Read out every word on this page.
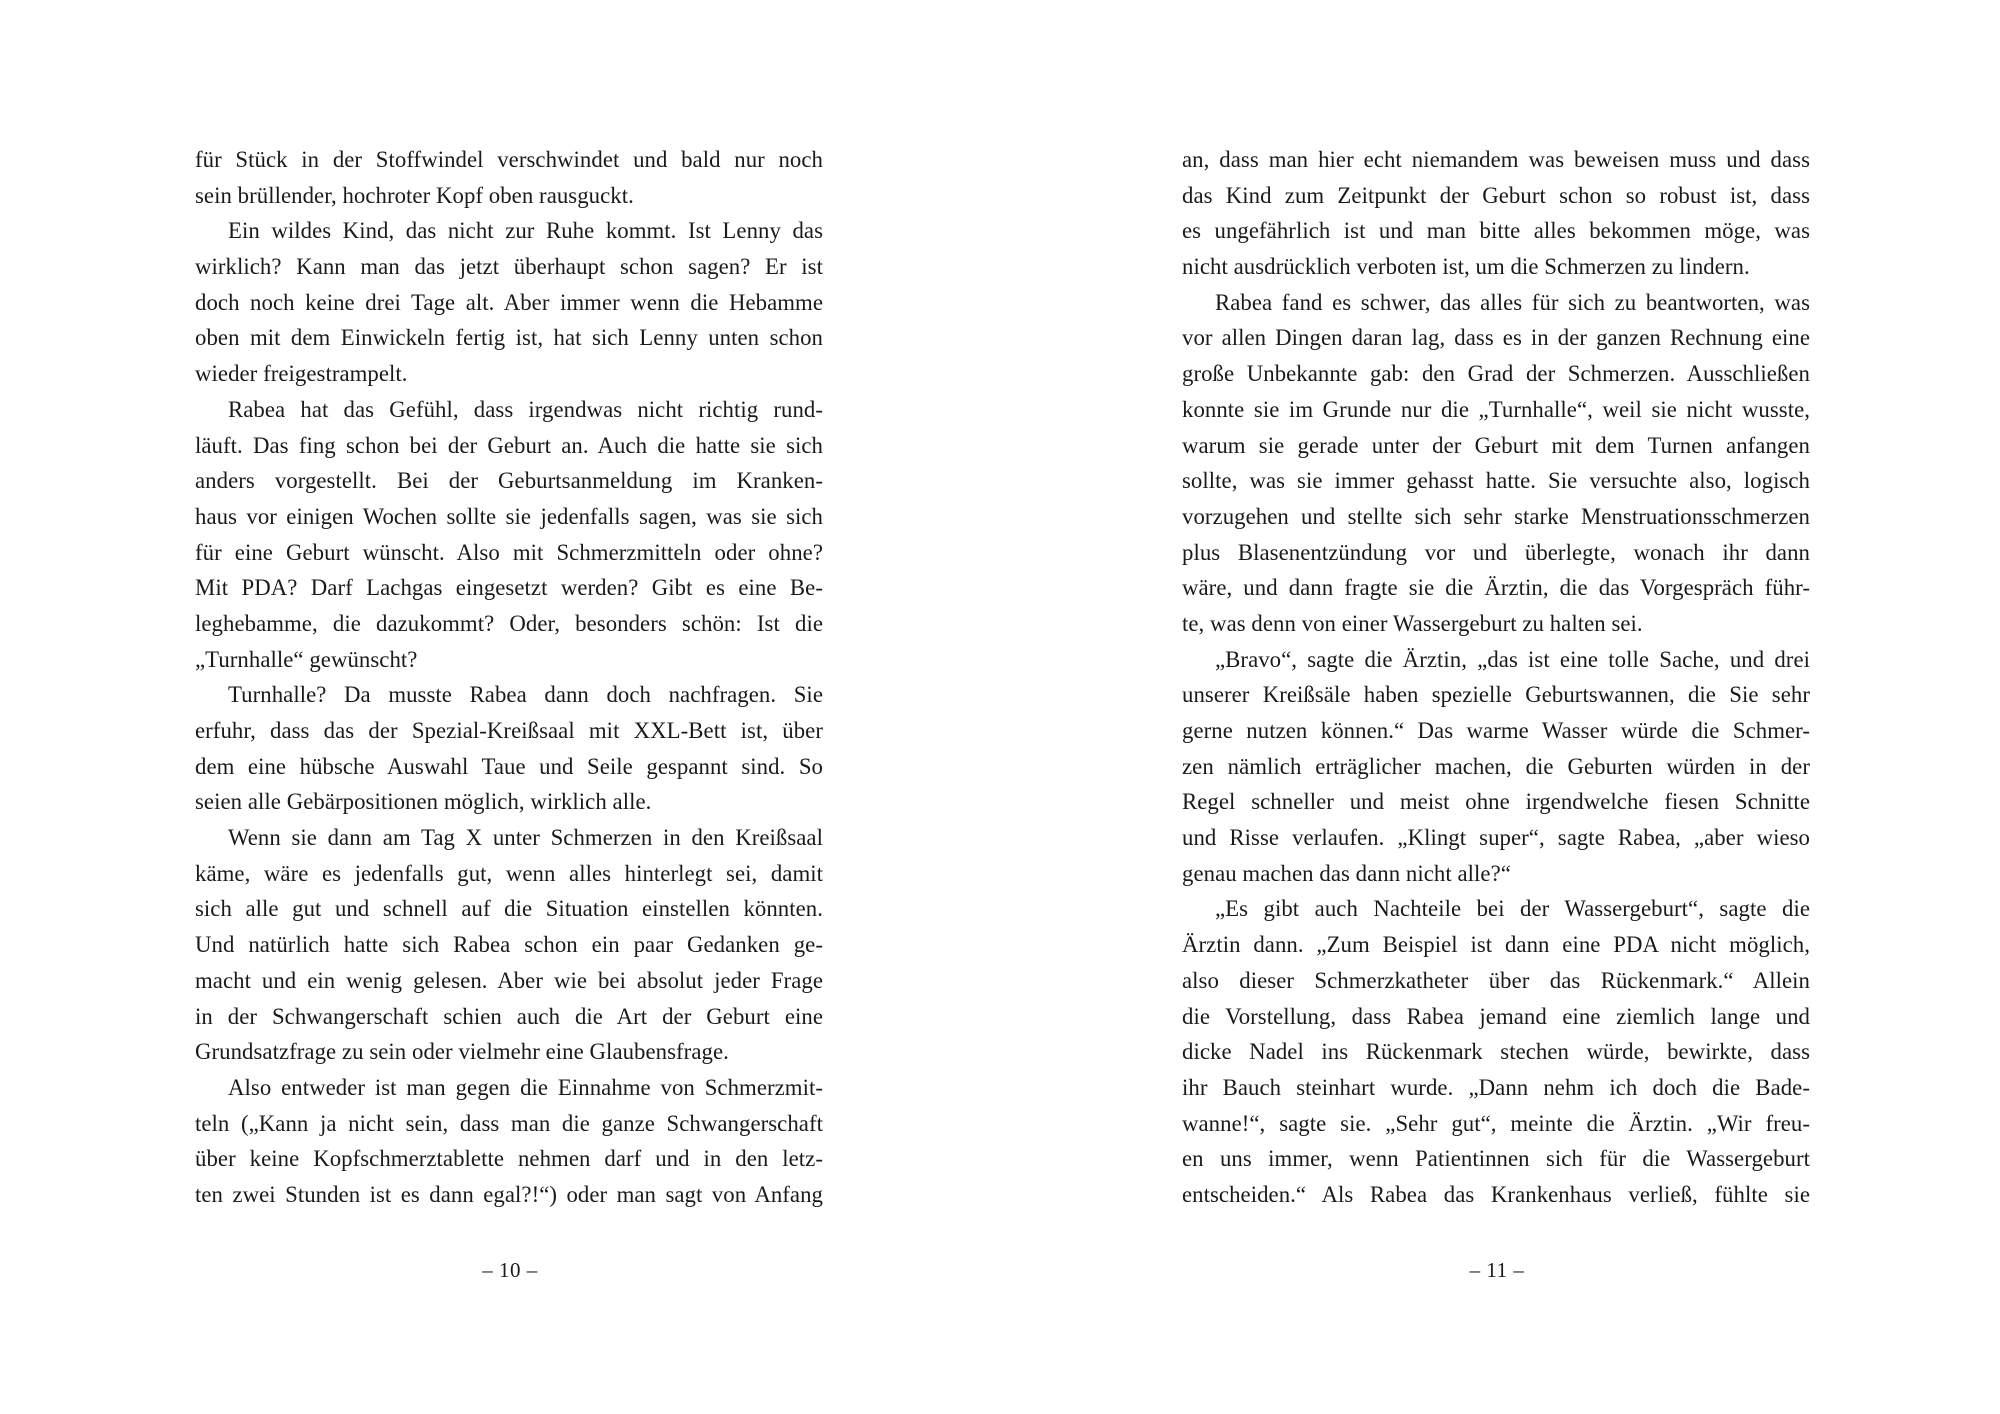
für Stück in der Stoffwindel verschwindet und bald nur noch
sein brüllender, hochroter Kopf oben rausguckt.
Ein wildes Kind, das nicht zur Ruhe kommt. Ist Lenny das
wirklich? Kann man das jetzt überhaupt schon sagen? Er ist
doch noch keine drei Tage alt. Aber immer wenn die Hebamme
oben mit dem Einwickeln fertig ist, hat sich Lenny unten schon
wieder freigestrampelt.
Rabea hat das Gefühl, dass irgendwas nicht richtig rund-
läuft. Das fing schon bei der Geburt an. Auch die hatte sie sich
anders vorgestellt. Bei der Geburtsanmeldung im Kranken-
haus vor einigen Wochen sollte sie jedenfalls sagen, was sie sich
für eine Geburt wünscht. Also mit Schmerzmitteln oder ohne?
Mit PDA? Darf Lachgas eingesetzt werden? Gibt es eine Be-
leghebamme, die dazukommt? Oder, besonders schön: Ist die
„Turnhalle“ gewünscht?
Turnhalle? Da musste Rabea dann doch nachfragen. Sie
erfuhr, dass das der Spezial-Kreißsaal mit XXL-Bett ist, über
dem eine hübsche Auswahl Taue und Seile gespannt sind. So
seien alle Gebärpositionen möglich, wirklich alle.
Wenn sie dann am Tag X unter Schmerzen in den Kreißsaal
käme, wäre es jedenfalls gut, wenn alles hinterlegt sei, damit
sich alle gut und schnell auf die Situation einstellen könnten.
Und natürlich hatte sich Rabea schon ein paar Gedanken ge-
macht und ein wenig gelesen. Aber wie bei absolut jeder Frage
in der Schwangerschaft schien auch die Art der Geburt eine
Grundsatzfrage zu sein oder vielmehr eine Glaubensfrage.
Also entweder ist man gegen die Einnahme von Schmerzmit-
teln („Kann ja nicht sein, dass man die ganze Schwangerschaft
über keine Kopfschmerztablette nehmen darf und in den letz-
ten zwei Stunden ist es dann egal?!“) oder man sagt von Anfang
– 10 –
an, dass man hier echt niemandem was beweisen muss und dass
das Kind zum Zeitpunkt der Geburt schon so robust ist, dass
es ungefährlich ist und man bitte alles bekommen möge, was
nicht ausdrücklich verboten ist, um die Schmerzen zu lindern.
Rabea fand es schwer, das alles für sich zu beantworten, was
vor allen Dingen daran lag, dass es in der ganzen Rechnung eine
große Unbekannte gab: den Grad der Schmerzen. Ausschließen
konnte sie im Grunde nur die „Turnhalle“, weil sie nicht wusste,
warum sie gerade unter der Geburt mit dem Turnen anfangen
sollte, was sie immer gehasst hatte. Sie versuchte also, logisch
vorzugehen und stellte sich sehr starke Menstruationsschmerzen
plus Blasenentzündung vor und überlegte, wonach ihr dann
wäre, und dann fragte sie die Ärztin, die das Vorgespräch führ-
te, was denn von einer Wassergeburt zu halten sei.
„Bravo“, sagte die Ärztin, „das ist eine tolle Sache, und drei
unserer Kreißsäle haben spezielle Geburtswannen, die Sie sehr
gerne nutzen können.“ Das warme Wasser würde die Schmer-
zen nämlich erträglicher machen, die Geburten würden in der
Regel schneller und meist ohne irgendwelche fiesen Schnitte
und Risse verlaufen. „Klingt super“, sagte Rabea, „aber wieso
genau machen das dann nicht alle?“
„Es gibt auch Nachteile bei der Wassergeburt“, sagte die
Ärztin dann. „Zum Beispiel ist dann eine PDA nicht möglich,
also dieser Schmerzkatheter über das Rückenmark.“ Allein
die Vorstellung, dass Rabea jemand eine ziemlich lange und
dicke Nadel ins Rückenmark stechen würde, bewirkte, dass
ihr Bauch steinhart wurde. „Dann nehm ich doch die Bade-
wanne!“, sagte sie. „Sehr gut“, meinte die Ärztin. „Wir freu-
en uns immer, wenn Patientinnen sich für die Wassergeburt
entscheiden.“ Als Rabea das Krankenhaus verließ, fühlte sie
– 11 –
